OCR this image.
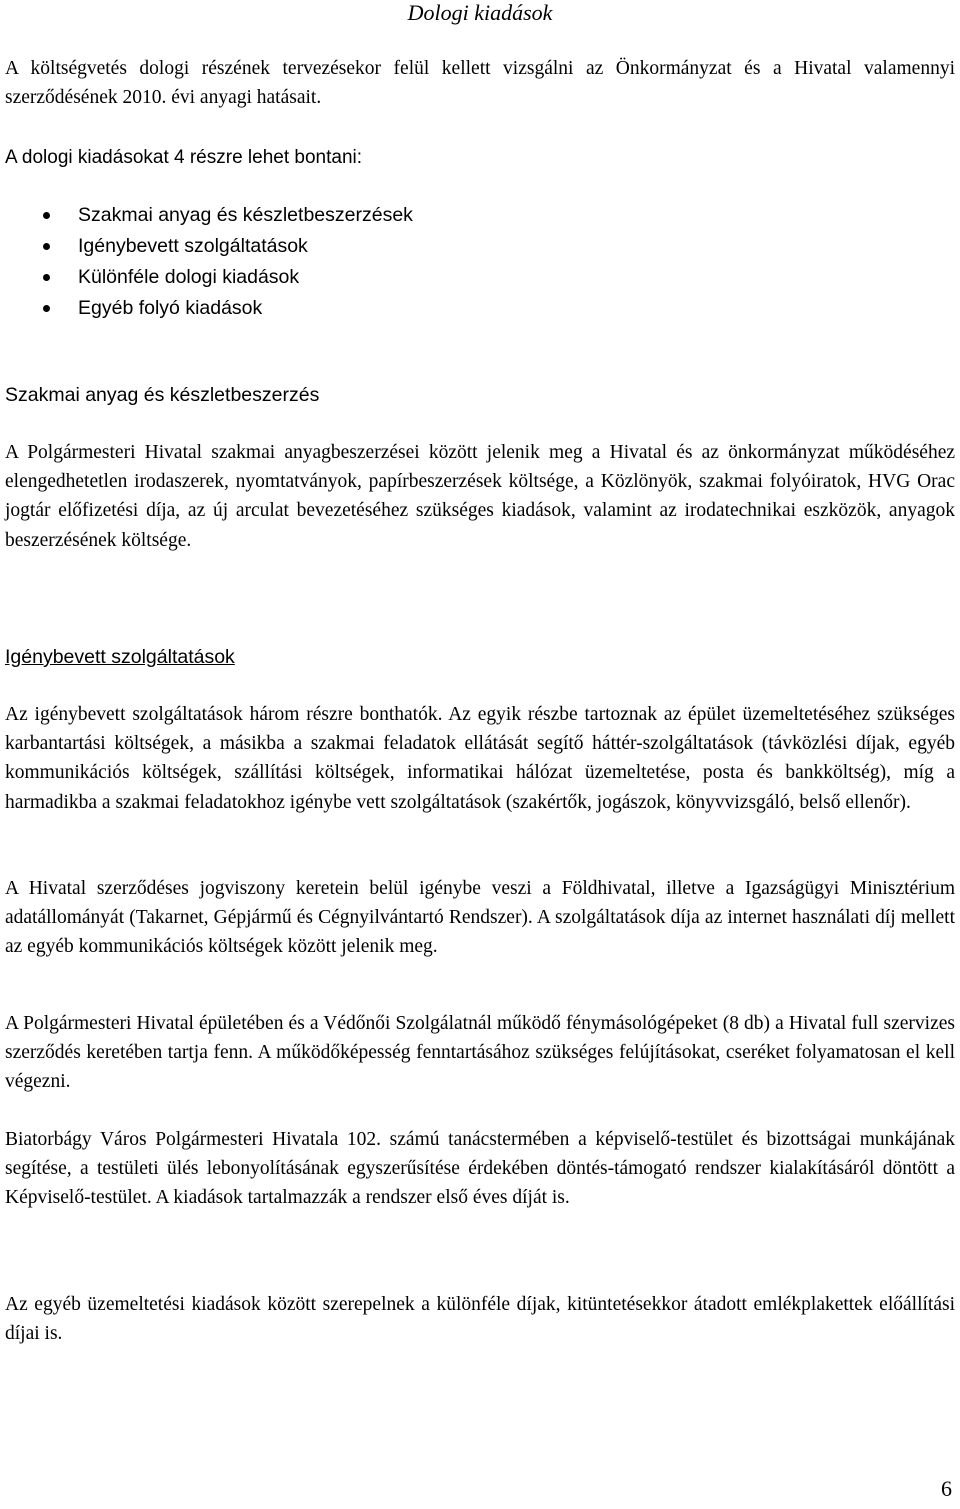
Dologi kiadások

A költségvetés dologi részének tervezésekor felül kellett vizsgálni az Önkormányzat és a Hivatal valamennyi szerződésének 2010. évi anyagi hatásait.

A dologi kiadásokat 4 részre lehet bontani:

Szakmai anyag és készletbeszerzések
Igénybevett szolgáltatások
Különféle dologi kiadások
Egyéb folyó kiadások
Szakmai anyag és készletbeszerzés

A Polgármesteri Hivatal szakmai anyagbeszerzései között jelenik meg a Hivatal és az önkormányzat működéséhez elengedhetetlen irodaszerek, nyomtatványok, papírbeszerzések költsége, a Közlönyök, szakmai folyóiratok, HVG Orac jogtár előfizetési díja, az új arculat bevezetéséhez szükséges kiadások, valamint az irodatechnikai eszközök, anyagok beszerzésének költsége.

Igénybevett szolgáltatások

Az igénybevett szolgáltatások három részre bonthatók. Az egyik részbe tartoznak az épület üzemeltetéséhez szükséges karbantartási költségek, a másikba a szakmai feladatok ellátását segítő háttér-szolgáltatások (távközlési díjak, egyéb kommunikációs költségek, szállítási költségek, informatikai hálózat üzemeltetése, posta és bankköltség), míg a harmadikba a szakmai feladatokhoz igénybe vett szolgáltatások (szakértők, jogászok, könyvvizsgáló, belső ellenőr).

A Hivatal szerződéses jogviszony keretein belül igénybe veszi a Földhivatal, illetve a Igazságügyi Minisztérium adatállományát (Takarnet, Gépjármű és Cégnyilvántartó Rendszer). A szolgáltatások díja az internet használati díj mellett az egyéb kommunikációs költségek között jelenik meg.

A Polgármesteri Hivatal épületében és a Védőnői Szolgálatnál működő fénymásológépeket (8 db) a Hivatal full szervizes szerződés keretében tartja fenn. A működőképesség fenntartásához szükséges felújításokat, cseréket folyamatosan el kell végezni.

Biatorbágy Város Polgármesteri Hivatala 102. számú tanácstermében a képviselő-testület és bizottságai munkájának segítése, a testületi ülés lebonyolításának egyszerűsítése érdekében döntés-támogató rendszer kialakításáról döntött a Képviselő-testület. A kiadások tartalmazzák a rendszer első éves díját is.

Az egyéb üzemeltetési kiadások között szerepelnek a különféle díjak, kitüntetésekkor átadott emlékplakettek előállítási díjai is.

6
